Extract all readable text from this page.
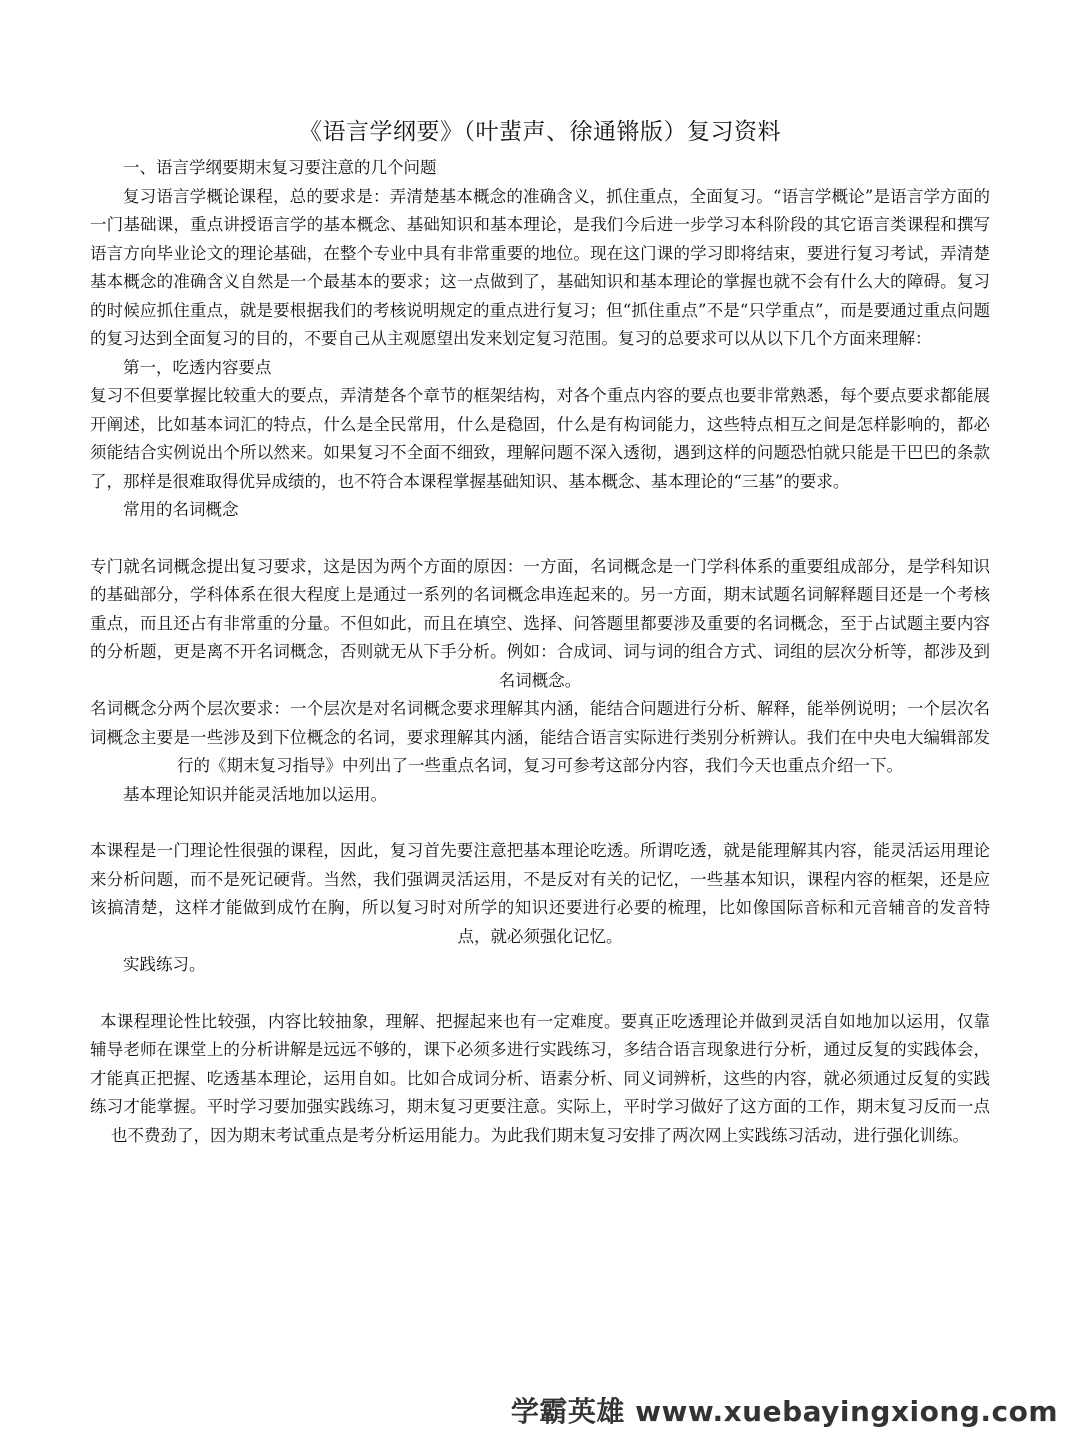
《语言学纲要》（叶蜚声、徐通锵版）复习资料

一、语言学纲要期末复习要注意的几个问题

复习语言学概论课程，总的要求是：弄清楚基本概念的准确含义，抓住重点，全面复习。“语言学概论”是语言学方面的一门基础课，重点讲授语言学的基本概念、基础知识和基本理论，是我们今后进一步学习本科阶段的其它语言类课程和撰写语言方向毕业论文的理论基础，在整个专业中具有非常重要的地位。现在这门课的学习即将结束，要进行复习考试，弄清楚基本概念的准确含义自然是一个最基本的要求；这一点做到了，基础知识和基本理论的掌握也就不会有什么大的障碍。复习的时候应抓住重点，就是要根据我们的考核说明规定的重点进行复习；但“抓住重点”不是“只学重点”，而是要通过重点问题的复习达到全面复习的目的，不要自己从主观愿望出发来划定复习范围。复习的总要求可以从以下几个方面来理解：

第一，吃透内容要点

复习不但要掌握比较重大的要点，弄清楚各个章节的框架结构，对各个重点内容的要点也要非常熟悉，每个要点要求都能展开阐述，比如基本词汇的特点，什么是全民常用，什么是稳固，什么是有构词能力，这些特点相互之间是怎样影响的，都必须能结合实例说出个所以然来。如果复习不全面不细致，理解问题不深入透彻，遇到这样的问题恐怕就只能是干巴巴的条款了，那样是很难取得优异成绩的，也不符合本课程掌握基础知识、基本概念、基本理论的“三基”的要求。

常用的名词概念

专门就名词概念提出复习要求，这是因为两个方面的原因：一方面，名词概念是一门学科体系的重要组成部分，是学科知识的基础部分，学科体系在很大程度上是通过一系列的名词概念串连起来的。另一方面，期末试题名词解释题目还是一个考核重点，而且还占有非常重的分量。不但如此，而且在填空、选择、问答题里都要涉及重要的名词概念，至于占试题主要内容的分析题，更是离不开名词概念，否则就无从下手分析。例如：合成词、词与词的组合方式、词组的层次分析等，都涉及到名词概念。

名词概念分两个层次要求：一个层次是对名词概念要求理解其内涵，能结合问题进行分析、解释，能举例说明；一个层次名词概念主要是一些涉及到下位概念的名词，要求理解其内涵，能结合语言实际进行类别分析辨认。我们在中央电大编辑部发行的《期末复习指导》中列出了一些重点名词，复习可参考这部分内容，我们今天也重点介绍一下。

基本理论知识并能灵活地加以运用。

本课程是一门理论性很强的课程，因此，复习首先要注意把基本理论吃透。所谓吃透，就是能理解其内容，能灵活运用理论来分析问题，而不是死记硬背。当然，我们强调灵活运用，不是反对有关的记忆，一些基本知识，课程内容的框架，还是应该搞清楚，这样才能做到成竹在胸，所以复习时对所学的知识还要进行必要的梳理，比如像国际音标和元音辅音的发音特点，就必须强化记忆。

实践练习。

本课程理论性比较强，内容比较抽象，理解、把握起来也有一定难度。要真正吃透理论并做到灵活自如地加以运用，仅靠辅导老师在课堂上的分析讲解是远远不够的，课下必须多进行实践练习，多结合语言现象进行分析，通过反复的实践体会，才能真正把握、吃透基本理论，运用自如。比如合成词分析、语素分析、同义词辨析，这些的内容，就必须通过反复的实践练习才能掌握。平时学习要加强实践练习，期末复习更要注意。实际上，平时学习做好了这方面的工作，期末复习反而一点也不费劲了，因为期末考试重点是考分析运用能力。为此我们期末复习安排了两次网上实践练习活动，进行强化训练。

学霸英雄 www.xuebayingxiong.com
